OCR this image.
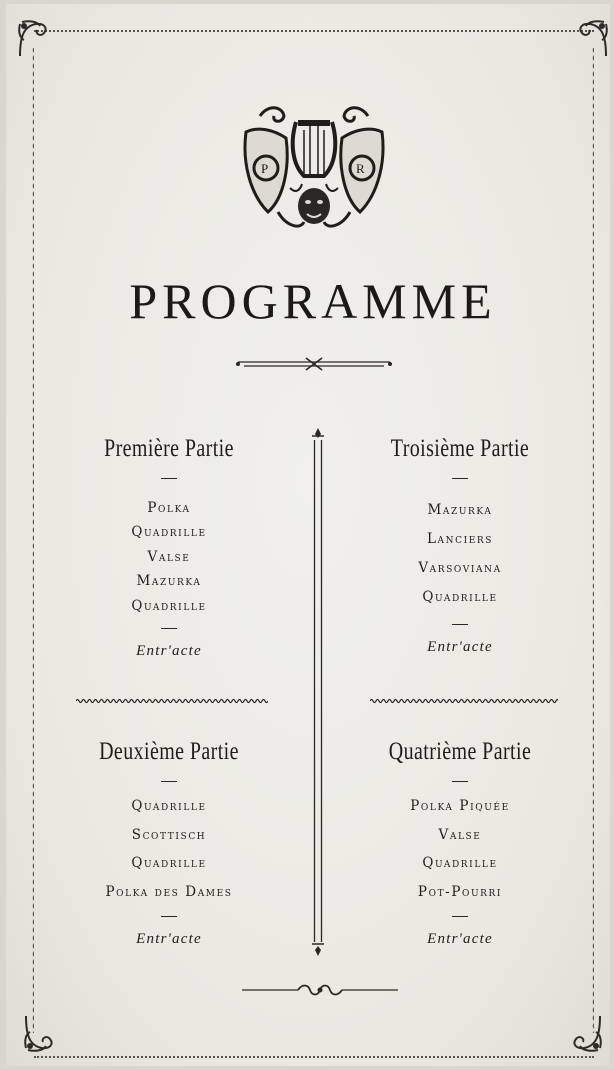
P	R
PROGRAMME
Première Partie
Polka
Quadrille
Valse
Mazurka
Quadrille
Entr'acte
Troisième Partie
Mazurka
Lanciers
Varsoviana
Quadrille
Entr'acte
Deuxième Partie
Quadrille
Scottisch
Quadrille
Polka des Dames
Entr'acte
Quatrième Partie
Polka Piquée
Valse
Quadrille
Pot-Pourri
Entr'acte
